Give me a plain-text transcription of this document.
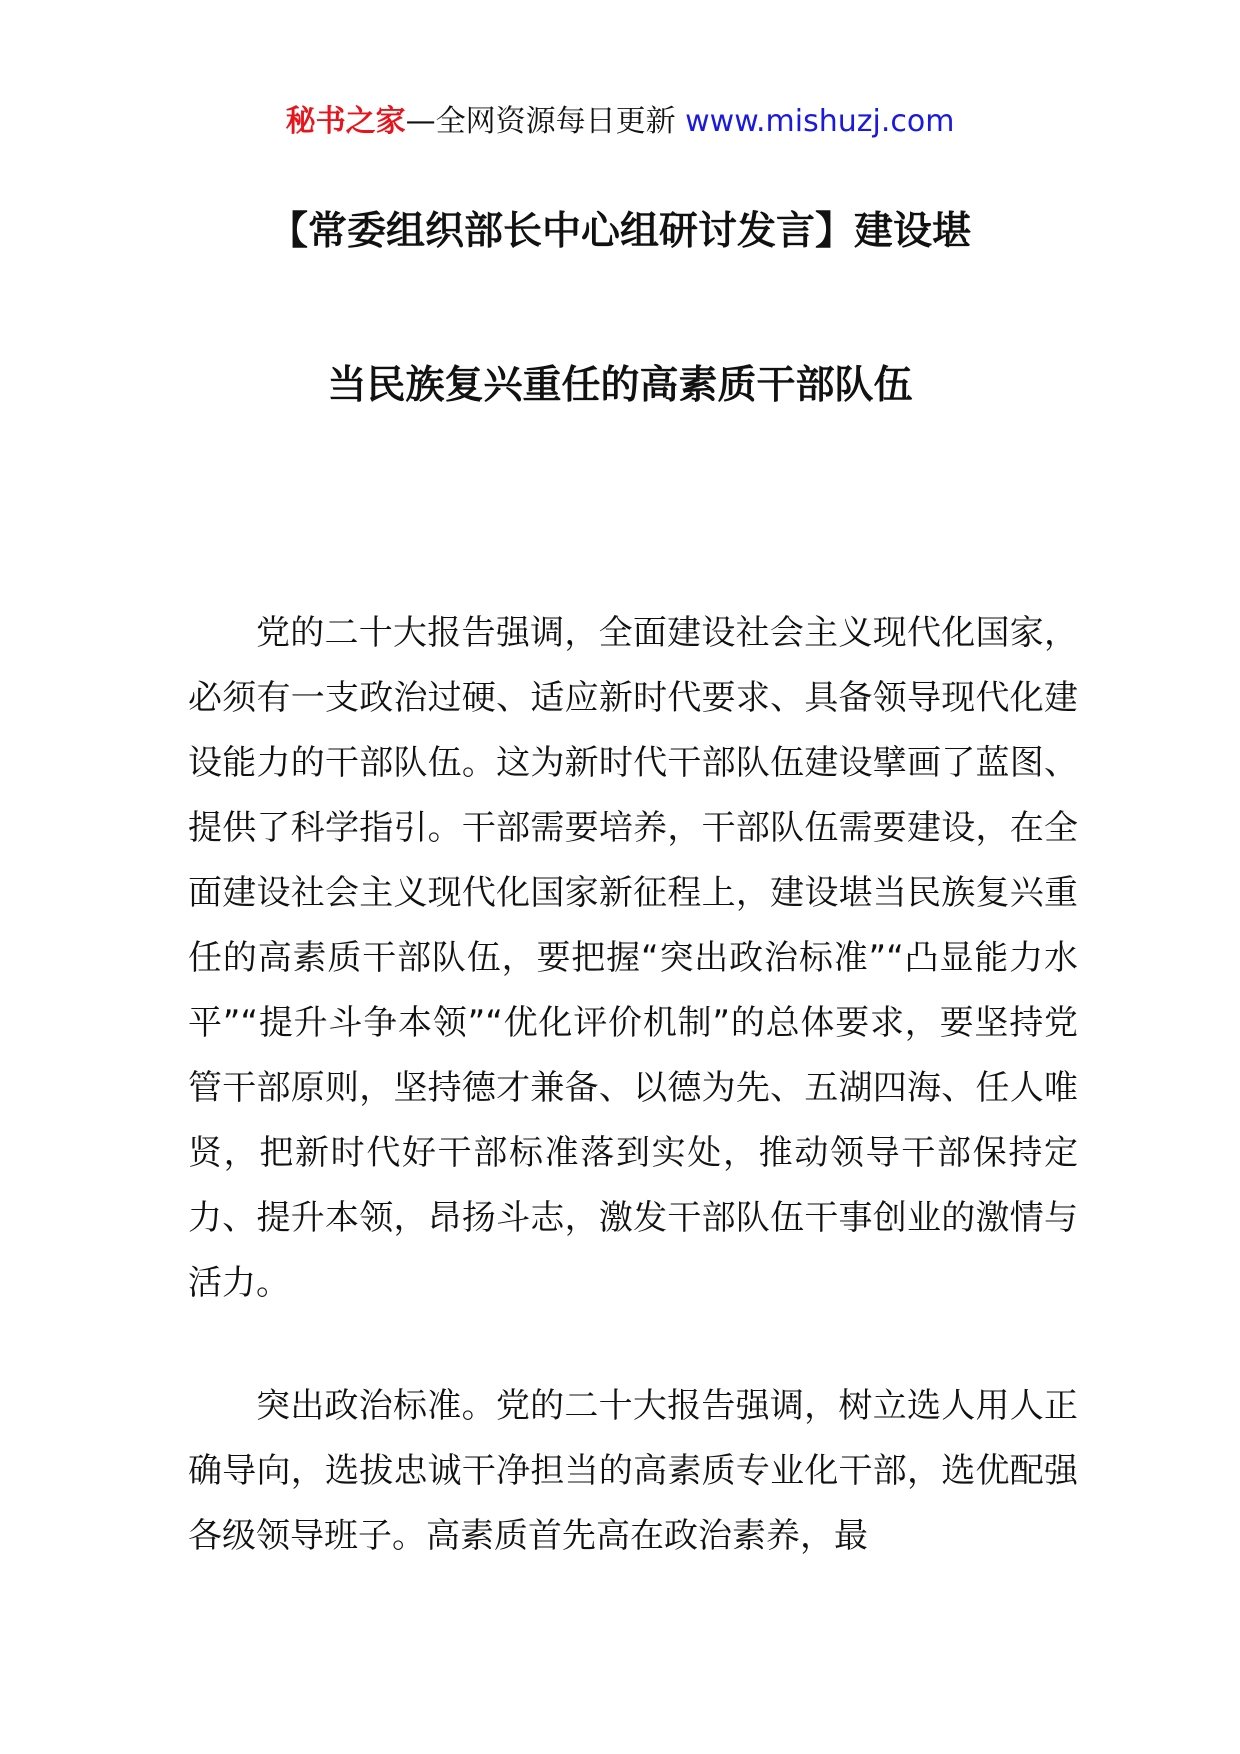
秘书之家—全网资源每日更新 www.mishuzj.com
【常委组织部长中心组研讨发言】建设堪
当民族复兴重任的高素质干部队伍

党的二十大报告强调，全面建设社会主义现代化国家，必须有一支政治过硬、适应新时代要求、具备领导现代化建设能力的干部队伍。这为新时代干部队伍建设擘画了蓝图、提供了科学指引。干部需要培养，干部队伍需要建设，在全面建设社会主义现代化国家新征程上，建设堪当民族复兴重任的高素质干部队伍，要把握“突出政治标准”“凸显能力水平”“提升斗争本领”“优化评价机制”的总体要求，要坚持党管干部原则，坚持德才兼备、以德为先、五湖四海、任人唯贤，把新时代好干部标准落到实处，推动领导干部保持定力、提升本领，昂扬斗志，激发干部队伍干事创业的激情与活力。

突出政治标准。党的二十大报告强调，树立选人用人正确导向，选拔忠诚干净担当的高素质专业化干部，选优配强各级领导班子。高素质首先高在政治素养，最
